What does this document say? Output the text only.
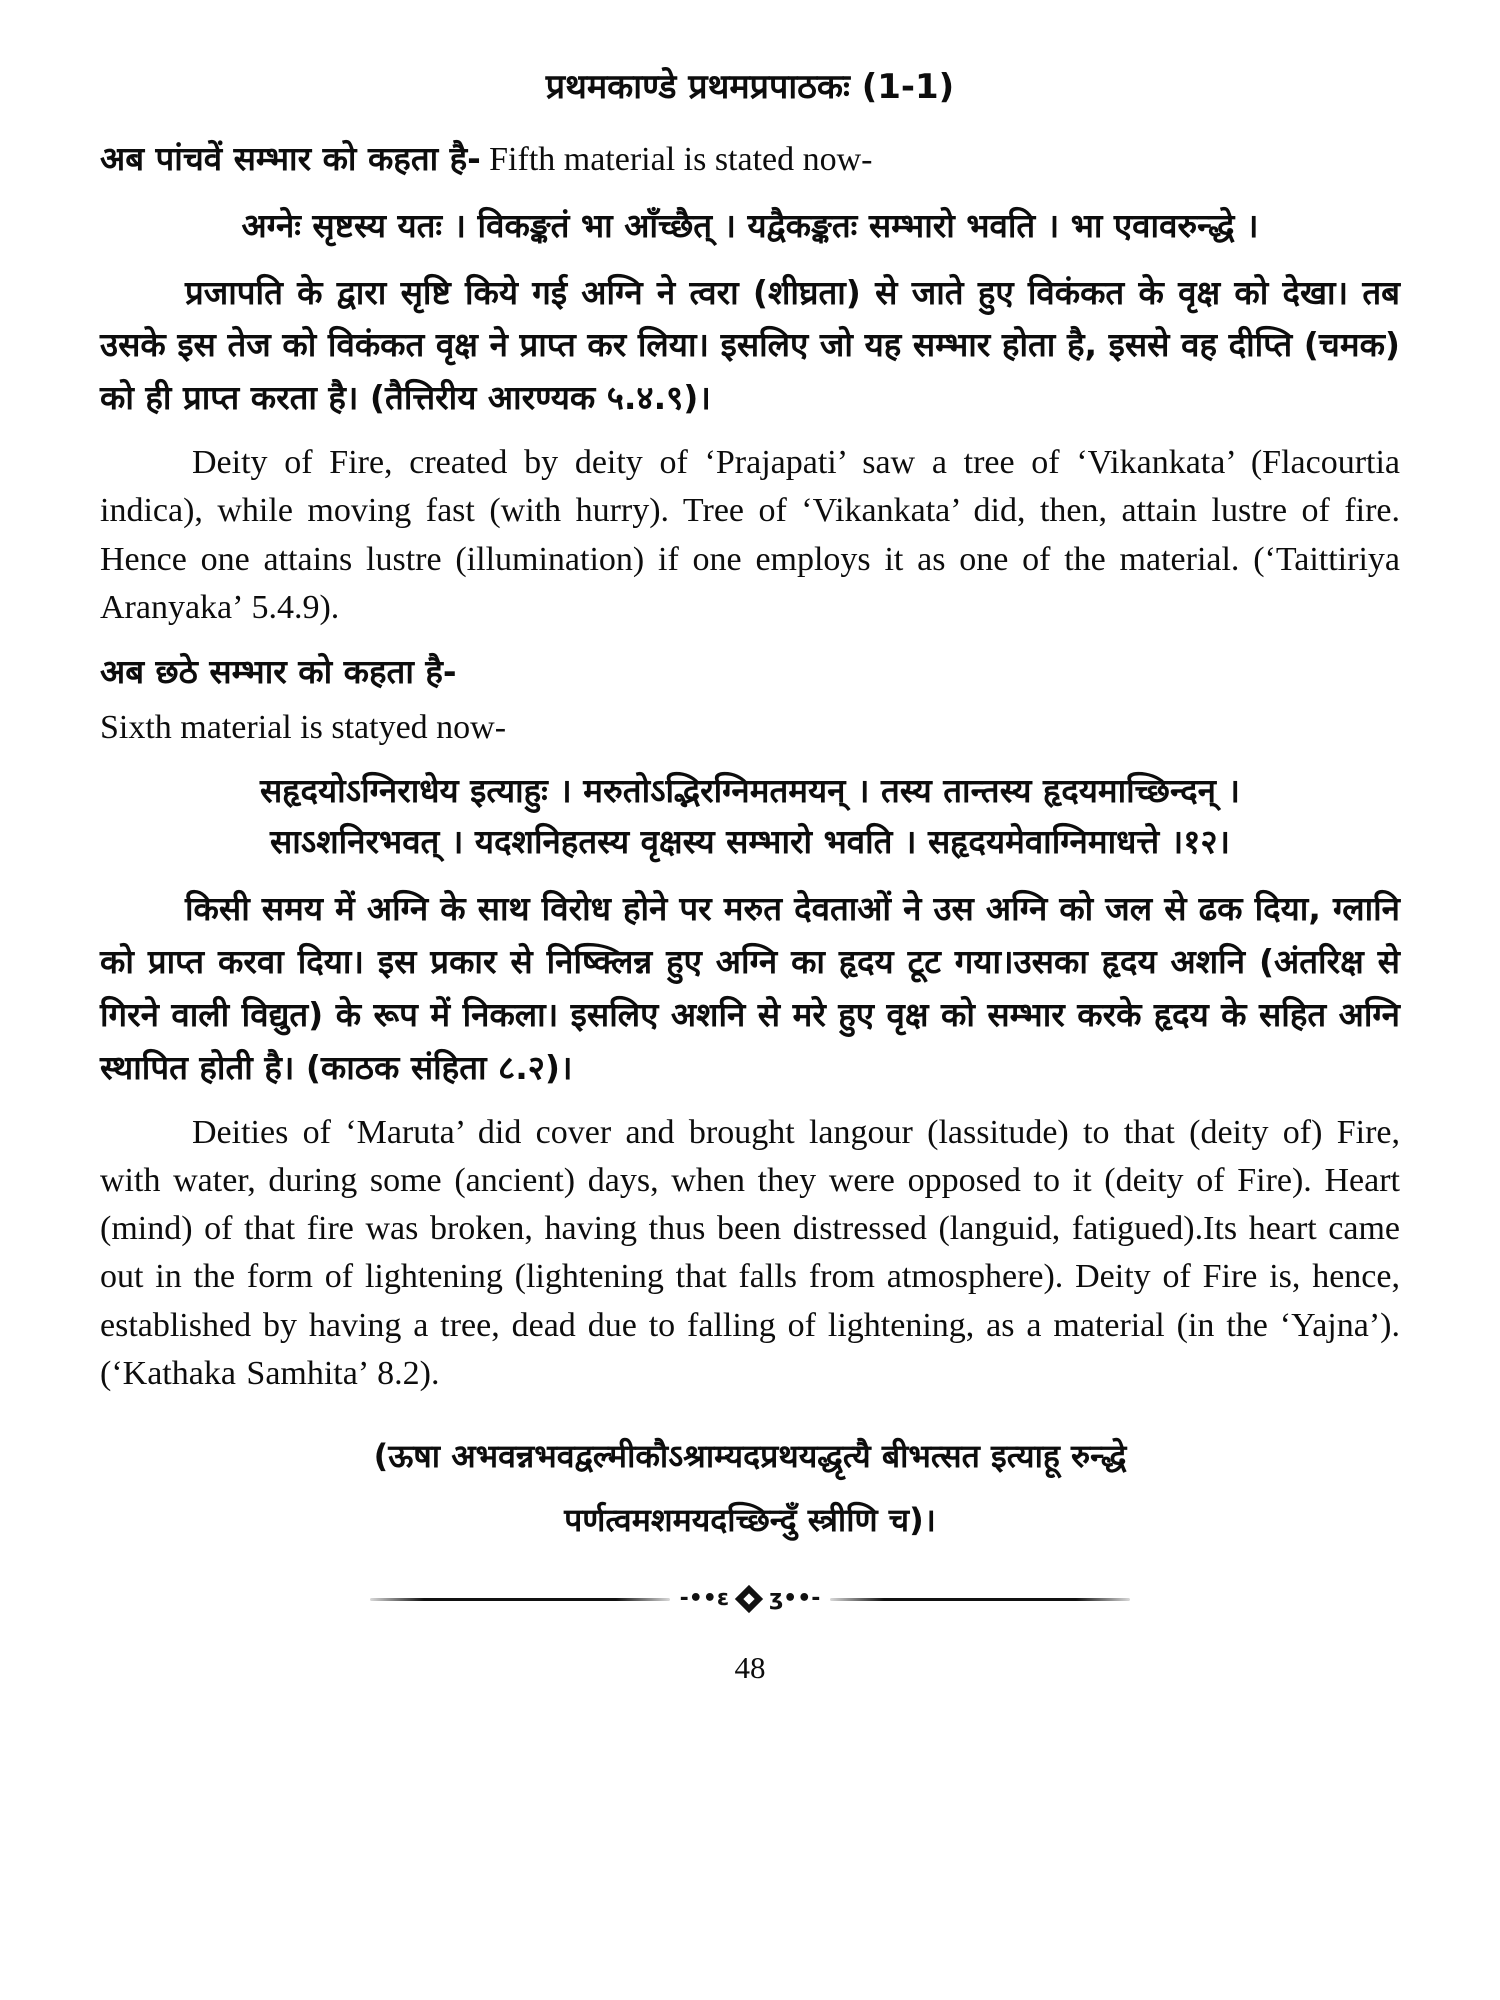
प्रथमकाण्डे प्रथमप्रपाठकः (1-1)
अब पांचवें सम्भार को कहता है- Fifth material is stated now-
अग्नेः सृष्टस्य यतः । विकङ्कतं भा आँच्छैत् । यद्वैकङ्कतः सम्भारो भवति । भा एवावरुन्द्धे ।

प्रजापति के द्वारा सृष्टि किये गई अग्नि ने त्वरा (शीघ्रता) से जाते हुए विकंकत के वृक्ष को देखा। तब उसके इस तेज को विकंकत वृक्ष ने प्राप्त कर लिया। इसलिए जो यह सम्भार होता है, इससे वह दीप्ति (चमक) को ही प्राप्त करता है। (तैत्तिरीय आरण्यक ५.४.९)।

Deity of Fire, created by deity of ‘Prajapati’ saw a tree of ‘Vikankata’ (Flacourtia indica), while moving fast (with hurry). Tree of ‘Vikankata’ did, then, attain lustre of fire. Hence one attains lustre (illumination) if one employs it as one of the material. (‘Taittiriya Aranyaka’ 5.4.9).

अब छठे सम्भार को कहता है-
Sixth material is statyed now-
सहृदयोऽग्निराधेय इत्याहुः । मरुतोऽद्भिरग्निमतमयन् । तस्य तान्तस्य हृदयमाच्छिन्दन् ।
साऽशनिरभवत् । यदशनिहतस्य वृक्षस्य सम्भारो भवति । सहृदयमेवाग्निमाधत्ते ।१२।

किसी समय में अग्नि के साथ विरोध होने पर मरुत देवताओं ने उस अग्नि को जल से ढक दिया, ग्लानि को प्राप्त करवा दिया। इस प्रकार से निष्क्लिन्न हुए अग्नि का हृदय टूट गया।उसका हृदय अशनि (अंतरिक्ष से गिरने वाली विद्युत) के रूप में निकला। इसलिए अशनि से मरे हुए वृक्ष को सम्भार करके हृदय के सहित अग्नि स्थापित होती है। (काठक संहिता ८.२)।

Deities of ‘Maruta’ did cover and brought langour (lassitude) to that (deity of) Fire, with water, during some (ancient) days, when they were opposed to it (deity of Fire). Heart (mind) of that fire was broken, having thus been distressed (languid, fatigued).Its heart came out in the form of lightening (lightening that falls from atmosphere). Deity of Fire is, hence, established by having a tree, dead due to falling of lightening, as a material (in the ‘Yajna’). (‘Kathaka Samhita’ 8.2).

(ऊषा अभवन्नभवद्वल्मीकौऽश्राम्यदप्रथयद्धृत्यै बीभत्सत इत्याहू रुन्द्धे
पर्णत्वमशमयदच्छिन्दुँ स्त्रीणि च)।
-••ɛ ʒ••-
48
